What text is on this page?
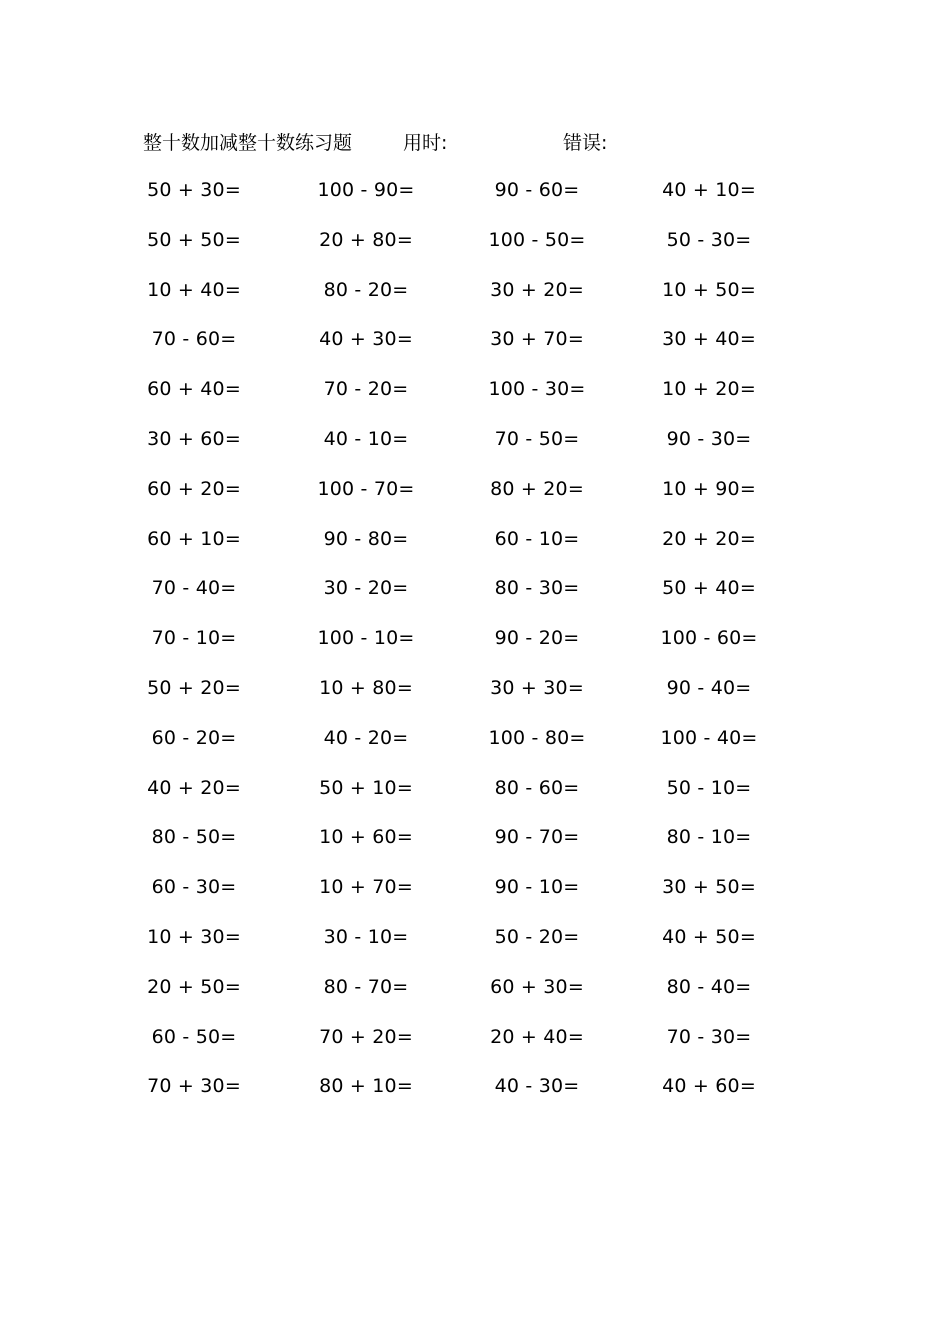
整十数加减整十数练习题	用时:	错误:
50 + 30=	100 - 90=	90 - 60=	40 + 10=
50 + 50=	20 + 80=	100 - 50=	50 - 30=
10 + 40=	80 - 20=	30 + 20=	10 + 50=
70 - 60=	40 + 30=	30 + 70=	30 + 40=
60 + 40=	70 - 20=	100 - 30=	10 + 20=
30 + 60=	40 - 10=	70 - 50=	90 - 30=
60 + 20=	100 - 70=	80 + 20=	10 + 90=
60 + 10=	90 - 80=	60 - 10=	20 + 20=
70 - 40=	30 - 20=	80 - 30=	50 + 40=
70 - 10=	100 - 10=	90 - 20=	100 - 60=
50 + 20=	10 + 80=	30 + 30=	90 - 40=
60 - 20=	40 - 20=	100 - 80=	100 - 40=
40 + 20=	50 + 10=	80 - 60=	50 - 10=
80 - 50=	10 + 60=	90 - 70=	80 - 10=
60 - 30=	10 + 70=	90 - 10=	30 + 50=
10 + 30=	30 - 10=	50 - 20=	40 + 50=
20 + 50=	80 - 70=	60 + 30=	80 - 40=
60 - 50=	70 + 20=	20 + 40=	70 - 30=
70 + 30=	80 + 10=	40 - 30=	40 + 60=
